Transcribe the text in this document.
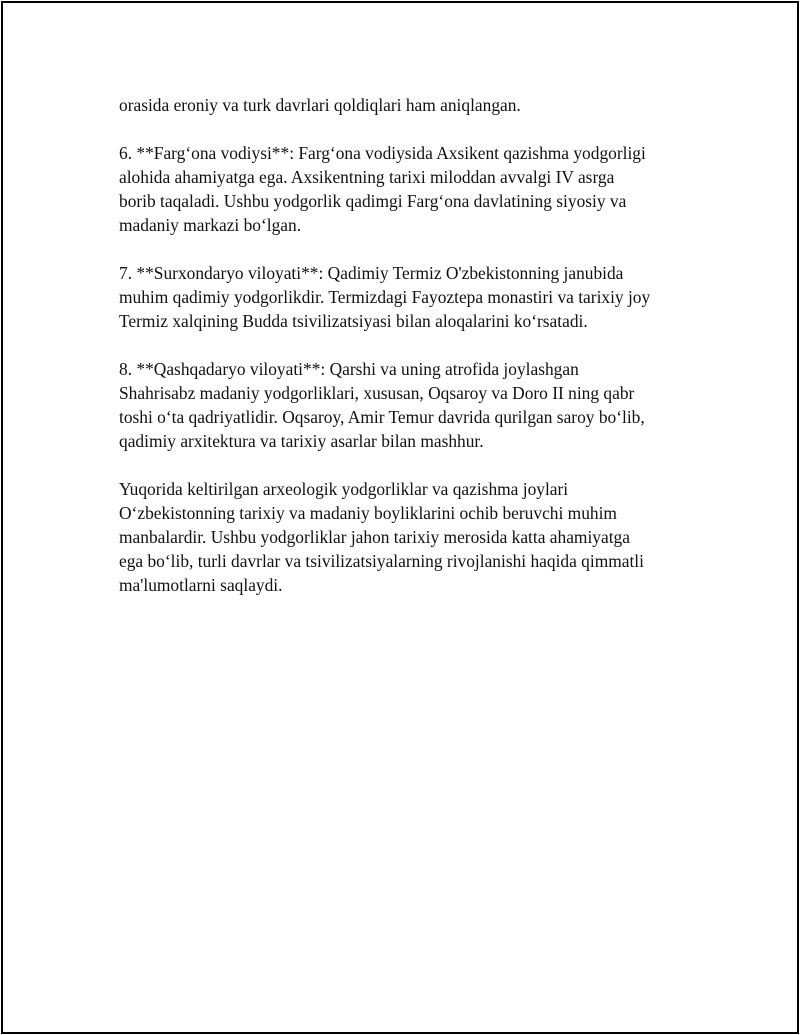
orasida eroniy va turk davrlari qoldiqlari ham aniqlangan.

6. **Farg‘ona vodiysi**: Farg‘ona vodiysida Axsikent qazishma yodgorligi
alohida ahamiyatga ega. Axsikentning tarixi miloddan avvalgi IV asrga
borib taqaladi. Ushbu yodgorlik qadimgi Farg‘ona davlatining siyosiy va
madaniy markazi bo‘lgan.

7. **Surxondaryo viloyati**: Qadimiy Termiz O'zbekistonning janubida
muhim qadimiy yodgorlikdir. Termizdagi Fayoztepa monastiri va tarixiy joy
Termiz xalqining Budda tsivilizatsiyasi bilan aloqalarini ko‘rsatadi.

8. **Qashqadaryo viloyati**: Qarshi va uning atrofida joylashgan
Shahrisabz madaniy yodgorliklari, xususan, Oqsaroy va Doro II ning qabr
toshi o‘ta qadriyatlidir. Oqsaroy, Amir Temur davrida qurilgan saroy bo‘lib,
qadimiy arxitektura va tarixiy asarlar bilan mashhur.

Yuqorida keltirilgan arxeologik yodgorliklar va qazishma joylari
O‘zbekistonning tarixiy va madaniy boyliklarini ochib beruvchi muhim
manbalardir. Ushbu yodgorliklar jahon tarixiy merosida katta ahamiyatga
ega bo‘lib, turli davrlar va tsivilizatsiyalarning rivojlanishi haqida qimmatli
ma'lumotlarni saqlaydi.
